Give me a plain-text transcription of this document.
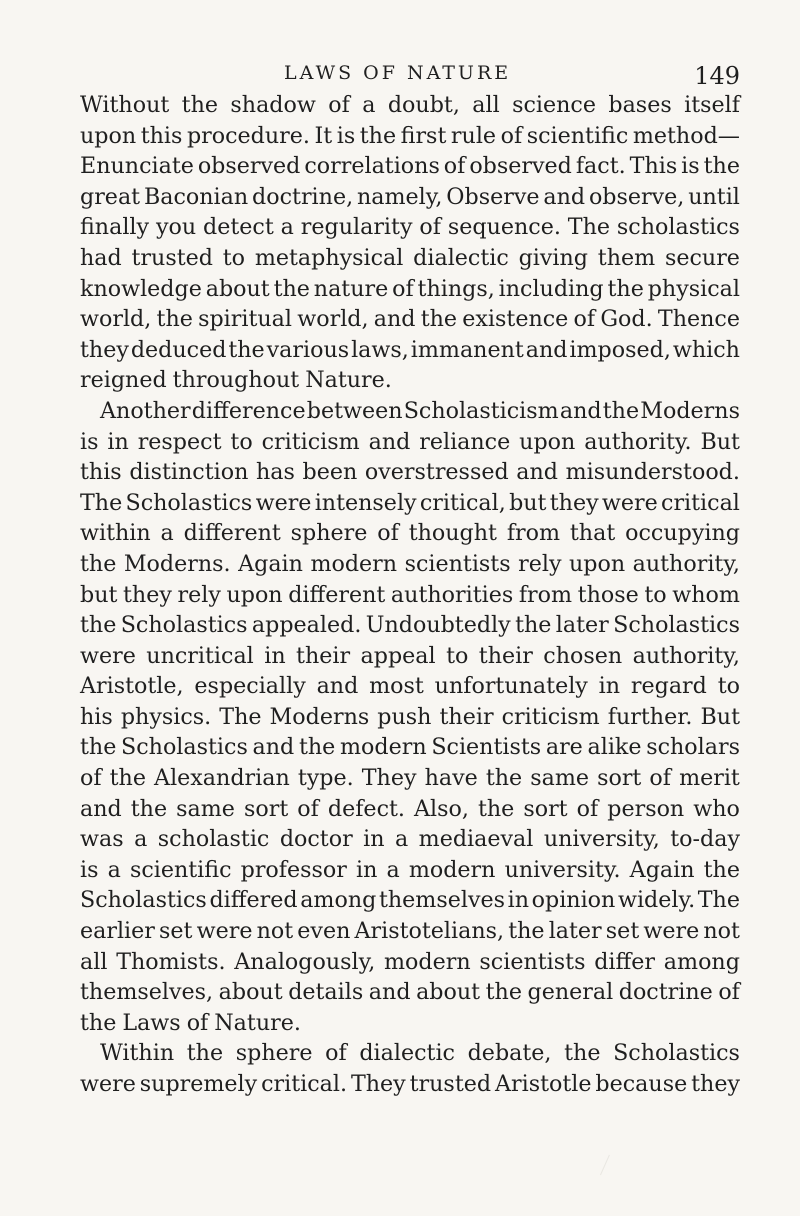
LAWS OF NATURE	149
Without the shadow of a doubt, all science bases itself
upon this procedure. It is the first rule of scientific method—
Enunciate observed correlations of observed fact. This is the
great Baconian doctrine, namely, Observe and observe, until
finally you detect a regularity of sequence. The scholastics
had trusted to metaphysical dialectic giving them secure
knowledge about the nature of things, including the physical
world, the spiritual world, and the existence of God. Thence
they deduced the various laws, immanent and imposed, which
reigned throughout Nature.
Another difference between Scholasticism and the Moderns
is in respect to criticism and reliance upon authority. But
this distinction has been overstressed and misunderstood.
The Scholastics were intensely critical, but they were critical
within a different sphere of thought from that occupying
the Moderns. Again modern scientists rely upon authority,
but they rely upon different authorities from those to whom
the Scholastics appealed. Undoubtedly the later Scholastics
were uncritical in their appeal to their chosen authority,
Aristotle, especially and most unfortunately in regard to
his physics. The Moderns push their criticism further. But
the Scholastics and the modern Scientists are alike scholars
of the Alexandrian type. They have the same sort of merit
and the same sort of defect. Also, the sort of person who
was a scholastic doctor in a mediaeval university, to-day
is a scientific professor in a modern university. Again the
Scholastics differed among themselves in opinion widely. The
earlier set were not even Aristotelians, the later set were not
all Thomists. Analogously, modern scientists differ among
themselves, about details and about the general doctrine of
the Laws of Nature.
Within the sphere of dialectic debate, the Scholastics
were supremely critical. They trusted Aristotle because they
